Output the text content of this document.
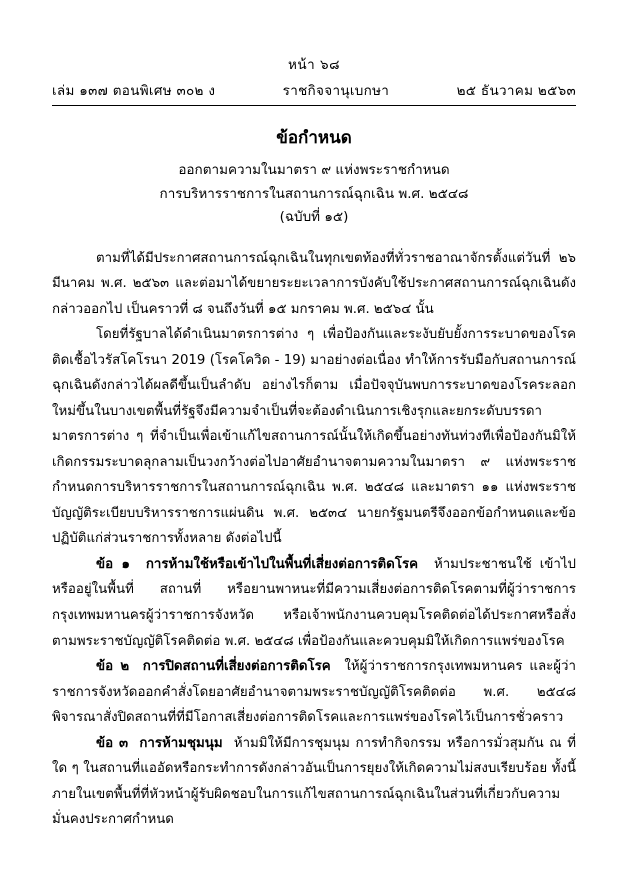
หน้า ๖๘
เล่ม ๑๓๗ ตอนพิเศษ ๓๐๒ ง	ราชกิจจานุเบกษา	๒๕ ธันวาคม ๒๕๖๓
ข้อกำหนด
ออกตามความในมาตรา ๙ แห่งพระราชกำหนด
การบริหารราชการในสถานการณ์ฉุกเฉิน พ.ศ. ๒๕๔๘
(ฉบับที่ ๑๕)

ตามที่ได้มีประกาศสถานการณ์ฉุกเฉินในทุกเขตท้องที่ทั่วราชอาณาจักรตั้งแต่วันที่ ๒๖ มีนาคม พ.ศ. ๒๕๖๓ และต่อมาได้ขยายระยะเวลาการบังคับใช้ประกาศสถานการณ์ฉุกเฉินดังกล่าวออกไป เป็นคราวที่ ๘ จนถึงวันที่ ๑๕ มกราคม พ.ศ. ๒๕๖๔ นั้น

โดยที่รัฐบาลได้ดำเนินมาตรการต่าง ๆ เพื่อป้องกันและระงับยับยั้งการระบาดของโรคติดเชื้อไวรัสโคโรนา 2019 (โรคโควิด - 19) มาอย่างต่อเนื่อง ทำให้การรับมือกับสถานการณ์ฉุกเฉินดังกล่าวได้ผลดีขึ้นเป็นลำดับ อย่างไรก็ตาม เมื่อปัจจุบันพบการระบาดของโรคระลอกใหม่ขึ้นในบางเขตพื้นที่รัฐจึงมีความจำเป็นที่จะต้องดำเนินการเชิงรุกและยกระดับบรรดามาตรการต่าง ๆ ที่จำเป็นเพื่อเข้าแก้ไขสถานการณ์นั้นให้เกิดขึ้นอย่างทันท่วงทีเพื่อป้องกันมิให้เกิดกรรมระบาดลุกลามเป็นวงกว้างต่อไปอาศัยอำนาจตามความในมาตรา ๙ แห่งพระราชกำหนดการบริหารราชการในสถานการณ์ฉุกเฉิน พ.ศ. ๒๕๔๘ และมาตรา ๑๑ แห่งพระราชบัญญัติระเบียบบริหารราชการแผ่นดิน พ.ศ. ๒๕๓๔ นายกรัฐมนตรีจึงออกข้อกำหนดและข้อปฏิบัติแก่ส่วนราชการทั้งหลาย ดังต่อไปนี้

ข้อ ๑ การห้ามใช้หรือเข้าไปในพื้นที่เสี่ยงต่อการติดโรค ห้ามประชาชนใช้ เข้าไป หรืออยู่ในพื้นที่ สถานที่ หรือยานพาหนะที่มีความเสี่ยงต่อการติดโรคตามที่ผู้ว่าราชการกรุงเทพมหานครผู้ว่าราชการจังหวัด หรือเจ้าพนักงานควบคุมโรคติดต่อได้ประกาศหรือสั่งตามพระราชบัญญัติโรคติดต่อ พ.ศ. ๒๕๔๘ เพื่อป้องกันและควบคุมมิให้เกิดการแพร่ของโรค

ข้อ ๒ การปิดสถานที่เสี่ยงต่อการติดโรค ให้ผู้ว่าราชการกรุงเทพมหานคร และผู้ว่าราชการจังหวัดออกคำสั่งโดยอาศัยอำนาจตามพระราชบัญญัติโรคติดต่อ พ.ศ. ๒๕๔๘ พิจารณาสั่งปิดสถานที่ที่มีโอกาสเสี่ยงต่อการติดโรคและการแพร่ของโรคไว้เป็นการชั่วคราว

ข้อ ๓ การห้ามชุมนุม ห้ามมิให้มีการชุมนุม การทำกิจกรรม หรือการมั่วสุมกัน ณ ที่ใด ๆ ในสถานที่แออัดหรือกระทำการดังกล่าวอันเป็นการยุยงให้เกิดความไม่สงบเรียบร้อย ทั้งนี้ ภายในเขตพื้นที่ที่หัวหน้าผู้รับผิดชอบในการแก้ไขสถานการณ์ฉุกเฉินในส่วนที่เกี่ยวกับความมั่นคงประกาศกำหนด
